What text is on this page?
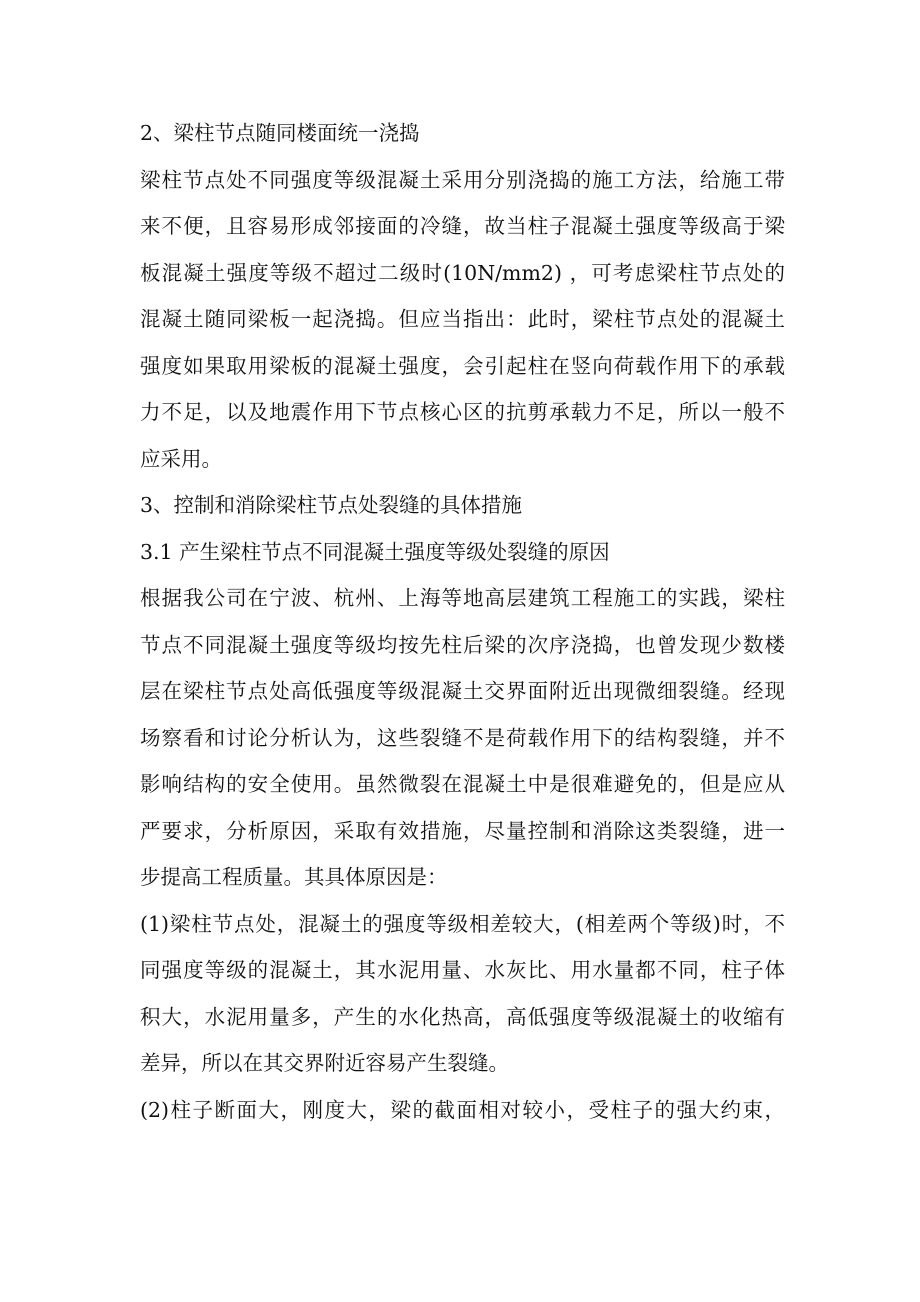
2、梁柱节点随同楼面统一浇捣
梁柱节点处不同强度等级混凝土采用分别浇捣的施工方法，给施工带
来不便，且容易形成邻接面的冷缝，故当柱子混凝土强度等级高于梁
板混凝土强度等级不超过二级时(10N/mm2) ，可考虑梁柱节点处的
混凝土随同梁板一起浇捣。但应当指出：此时，梁柱节点处的混凝土
强度如果取用梁板的混凝土强度，会引起柱在竖向荷载作用下的承载
力不足，以及地震作用下节点核心区的抗剪承载力不足，所以一般不
应采用。
3、控制和消除梁柱节点处裂缝的具体措施
3.1 产生梁柱节点不同混凝土强度等级处裂缝的原因
根据我公司在宁波、杭州、上海等地高层建筑工程施工的实践，梁柱
节点不同混凝土强度等级均按先柱后梁的次序浇捣，也曾发现少数楼
层在梁柱节点处高低强度等级混凝土交界面附近出现微细裂缝。经现
场察看和讨论分析认为，这些裂缝不是荷载作用下的结构裂缝，并不
影响结构的安全使用。虽然微裂在混凝土中是很难避免的，但是应从
严要求，分析原因，采取有效措施，尽量控制和消除这类裂缝，进一
步提高工程质量。其具体原因是：
(1)梁柱节点处，混凝土的强度等级相差较大，(相差两个等级)时，不
同强度等级的混凝土，其水泥用量、水灰比、用水量都不同，柱子体
积大，水泥用量多，产生的水化热高，高低强度等级混凝土的收缩有
差异，所以在其交界附近容易产生裂缝。
(2)柱子断面大，刚度大，梁的截面相对较小，受柱子的强大约束，
